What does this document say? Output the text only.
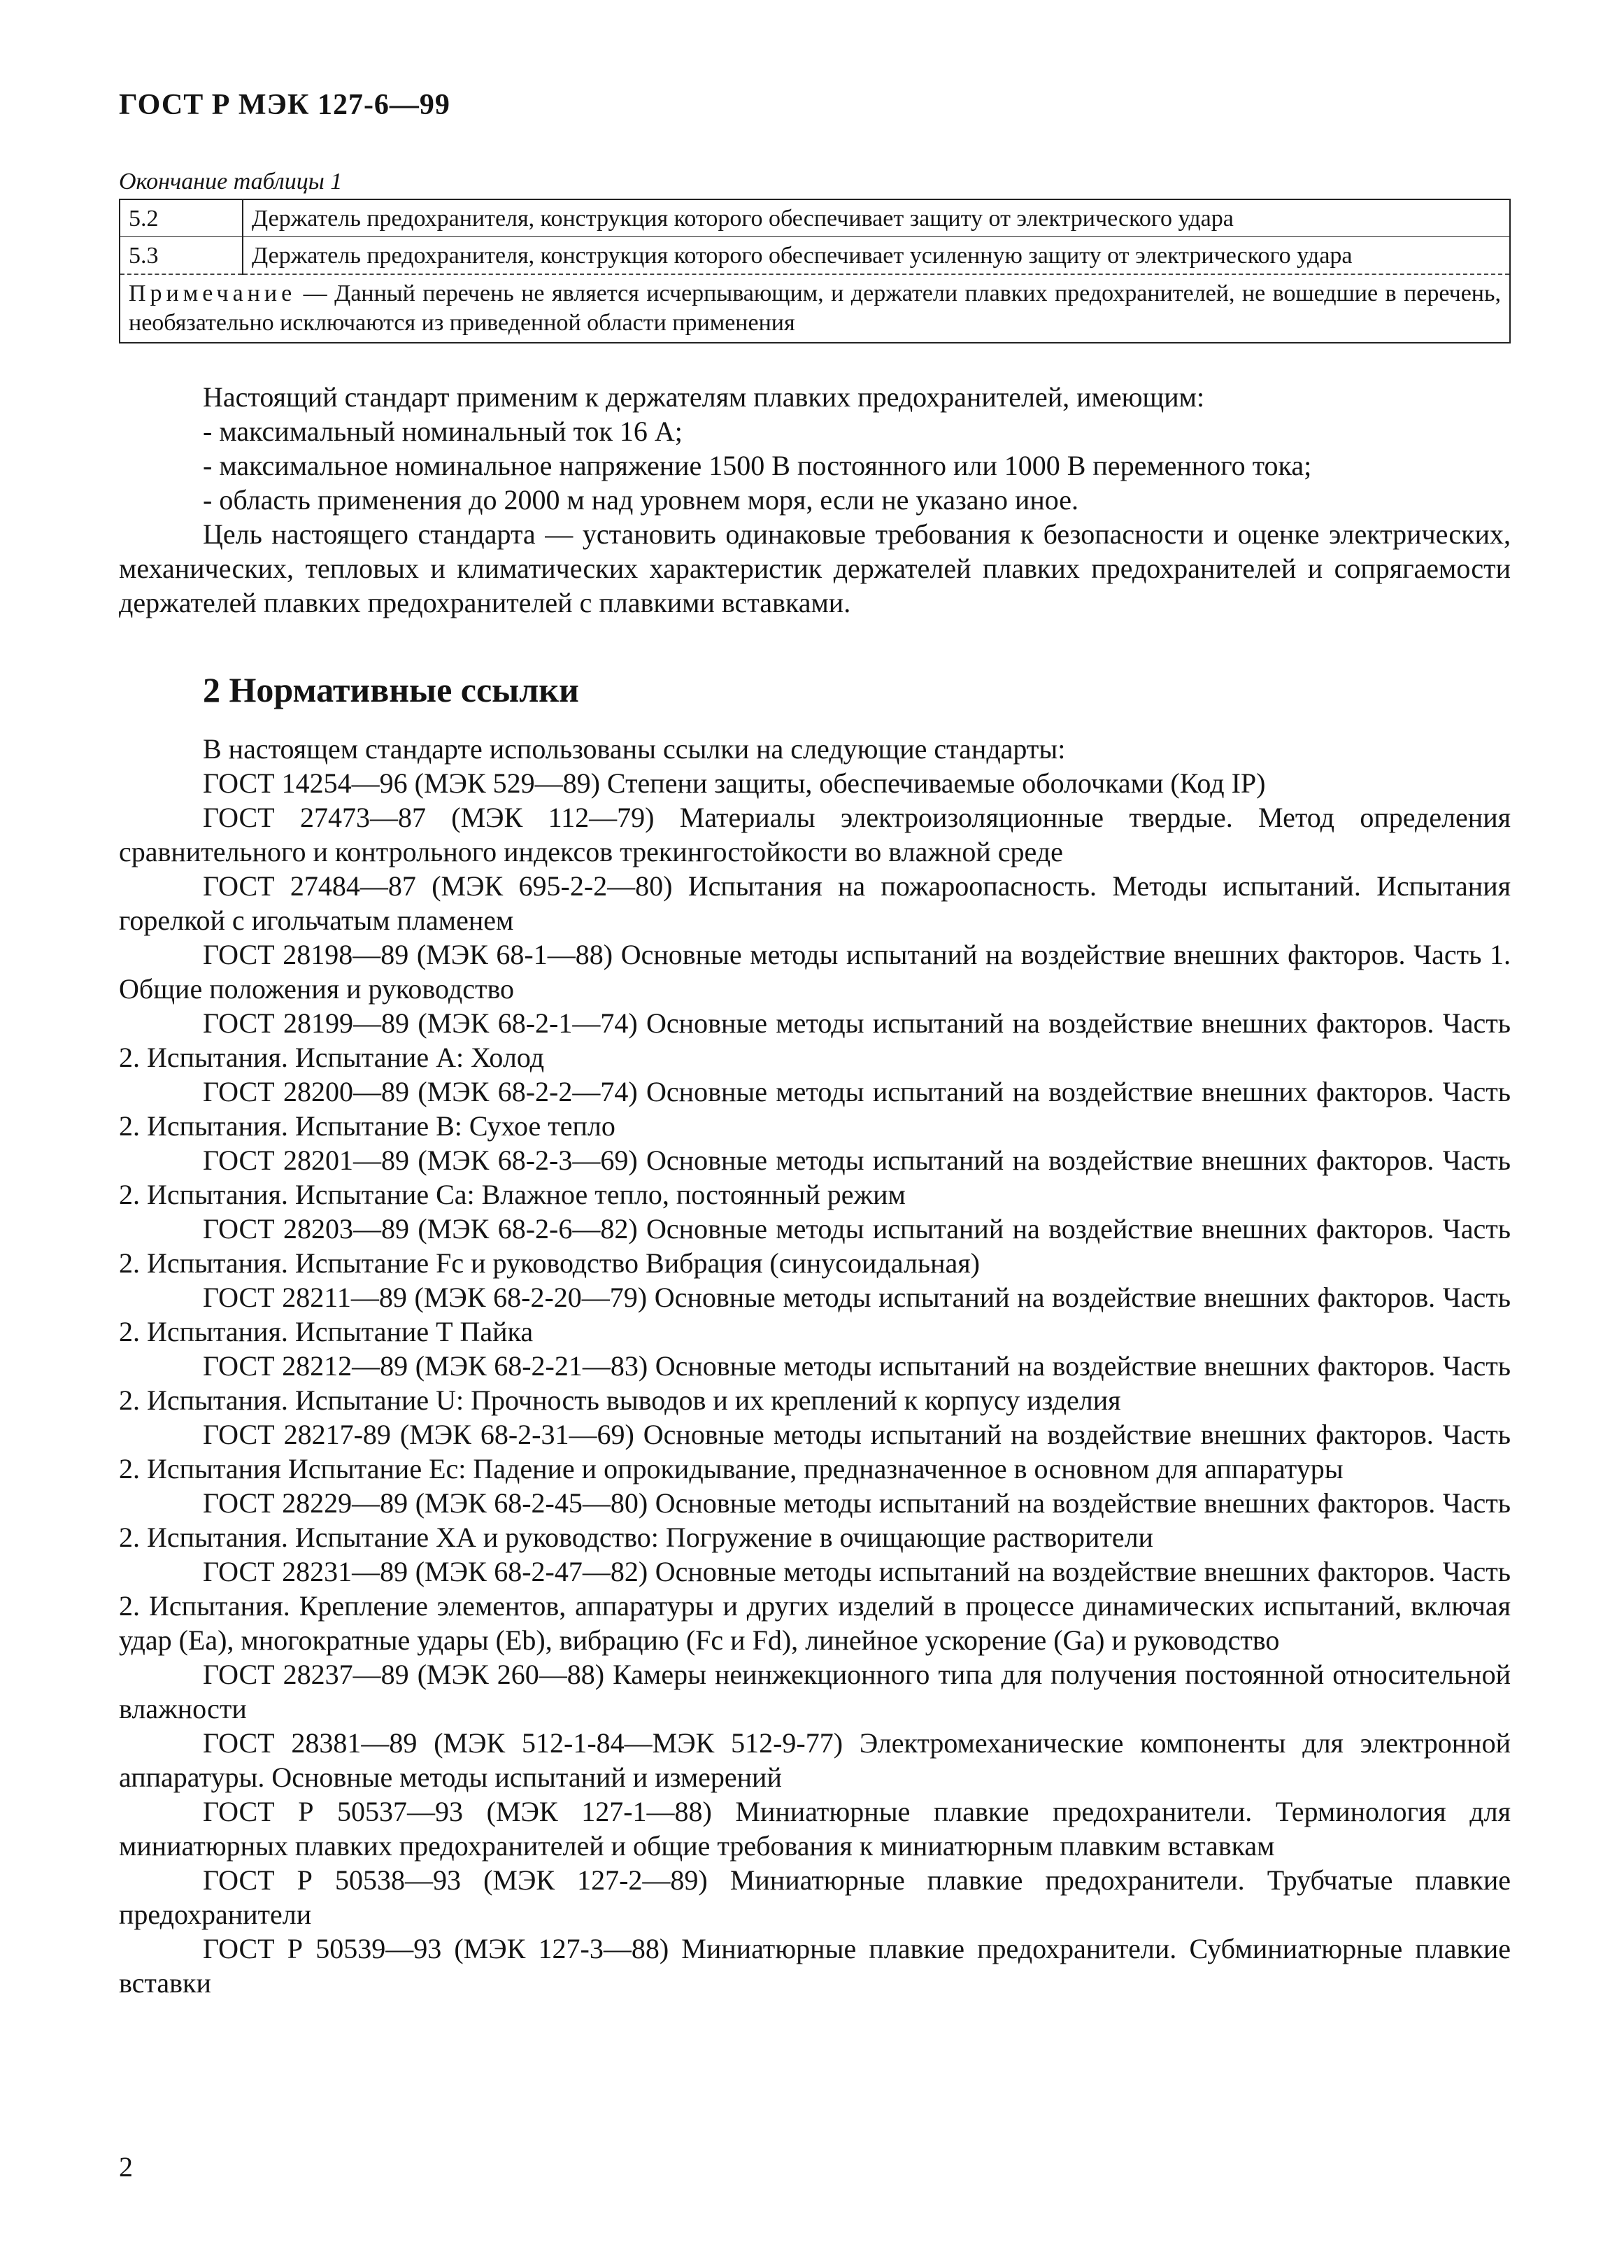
ГОСТ Р МЭК 127-6—99
Окончание таблицы 1
5.2	Держатель предохранителя, конструкция которого обеспечивает защиту от электрического удара
5.3	Держатель предохранителя, конструкция которого обеспечивает усиленную защиту от электрического удара
Примечание — Данный перечень не является исчерпывающим, и держатели плавких предохранителей, не вошедшие в перечень, необязательно исключаются из приведенной области применения	

Настоящий стандарт применим к держателям плавких предохранителей, имеющим:

- максимальный номинальный ток 16 А;

- максимальное номинальное напряжение 1500 В постоянного или 1000 В переменного тока;

- область применения до 2000 м над уровнем моря, если не указано иное.

Цель настоящего стандарта — установить одинаковые требования к безопасности и оценке электрических, механических, тепловых и климатических характеристик держателей плавких предохранителей и сопрягаемости держателей плавких предохранителей с плавкими вставками.

2 Нормативные ссылки

В настоящем стандарте использованы ссылки на следующие стандарты:

ГОСТ 14254—96 (МЭК 529—89) Степени защиты, обеспечиваемые оболочками (Код IP)

ГОСТ 27473—87 (МЭК 112—79) Материалы электроизоляционные твердые. Метод определения сравнительного и контрольного индексов трекингостойкости во влажной среде

ГОСТ 27484—87 (МЭК 695-2-2—80) Испытания на пожароопасность. Методы испытаний. Испытания горелкой с игольчатым пламенем

ГОСТ 28198—89 (МЭК 68-1—88) Основные методы испытаний на воздействие внешних факторов. Часть 1. Общие положения и руководство

ГОСТ 28199—89 (МЭК 68-2-1—74) Основные методы испытаний на воздействие внешних факторов. Часть 2. Испытания. Испытание А: Холод

ГОСТ 28200—89 (МЭК 68-2-2—74) Основные методы испытаний на воздействие внешних факторов. Часть 2. Испытания. Испытание В: Сухое тепло

ГОСТ 28201—89 (МЭК 68-2-3—69) Основные методы испытаний на воздействие внешних факторов. Часть 2. Испытания. Испытание Са: Влажное тепло, постоянный режим

ГОСТ 28203—89 (МЭК 68-2-6—82) Основные методы испытаний на воздействие внешних факторов. Часть 2. Испытания. Испытание Fc и руководство Вибрация (синусоидальная)

ГОСТ 28211—89 (МЭК 68-2-20—79) Основные методы испытаний на воздействие внешних факторов. Часть 2. Испытания. Испытание Т Пайка

ГОСТ 28212—89 (МЭК 68-2-21—83) Основные методы испытаний на воздействие внешних факторов. Часть 2. Испытания. Испытание U: Прочность выводов и их креплений к корпусу изделия

ГОСТ 28217-89 (МЭК 68-2-31—69) Основные методы испытаний на воздействие внешних факторов. Часть 2. Испытания Испытание Ес: Падение и опрокидывание, предназначенное в основном для аппаратуры

ГОСТ 28229—89 (МЭК 68-2-45—80) Основные методы испытаний на воздействие внешних факторов. Часть 2. Испытания. Испытание ХА и руководство: Погружение в очищающие растворители

ГОСТ 28231—89 (МЭК 68-2-47—82) Основные методы испытаний на воздействие внешних факторов. Часть 2. Испытания. Крепление элементов, аппаратуры и других изделий в процессе динамических испытаний, включая удар (Еа), многократные удары (Eb), вибрацию (Fc и Fd), линейное ускорение (Ga) и руководство

ГОСТ 28237—89 (МЭК 260—88) Камеры неинжекционного типа для получения постоянной относительной влажности

ГОСТ 28381—89 (МЭК 512-1-84—МЭК 512-9-77) Электромеханические компоненты для электронной аппаратуры. Основные методы испытаний и измерений

ГОСТ Р 50537—93 (МЭК 127-1—88) Миниатюрные плавкие предохранители. Терминология для миниатюрных плавких предохранителей и общие требования к миниатюрным плавким вставкам

ГОСТ Р 50538—93 (МЭК 127-2—89) Миниатюрные плавкие предохранители. Трубчатые плавкие предохранители

ГОСТ Р 50539—93 (МЭК 127-3—88) Миниатюрные плавкие предохранители. Субминиатюрные плавкие вставки

2
